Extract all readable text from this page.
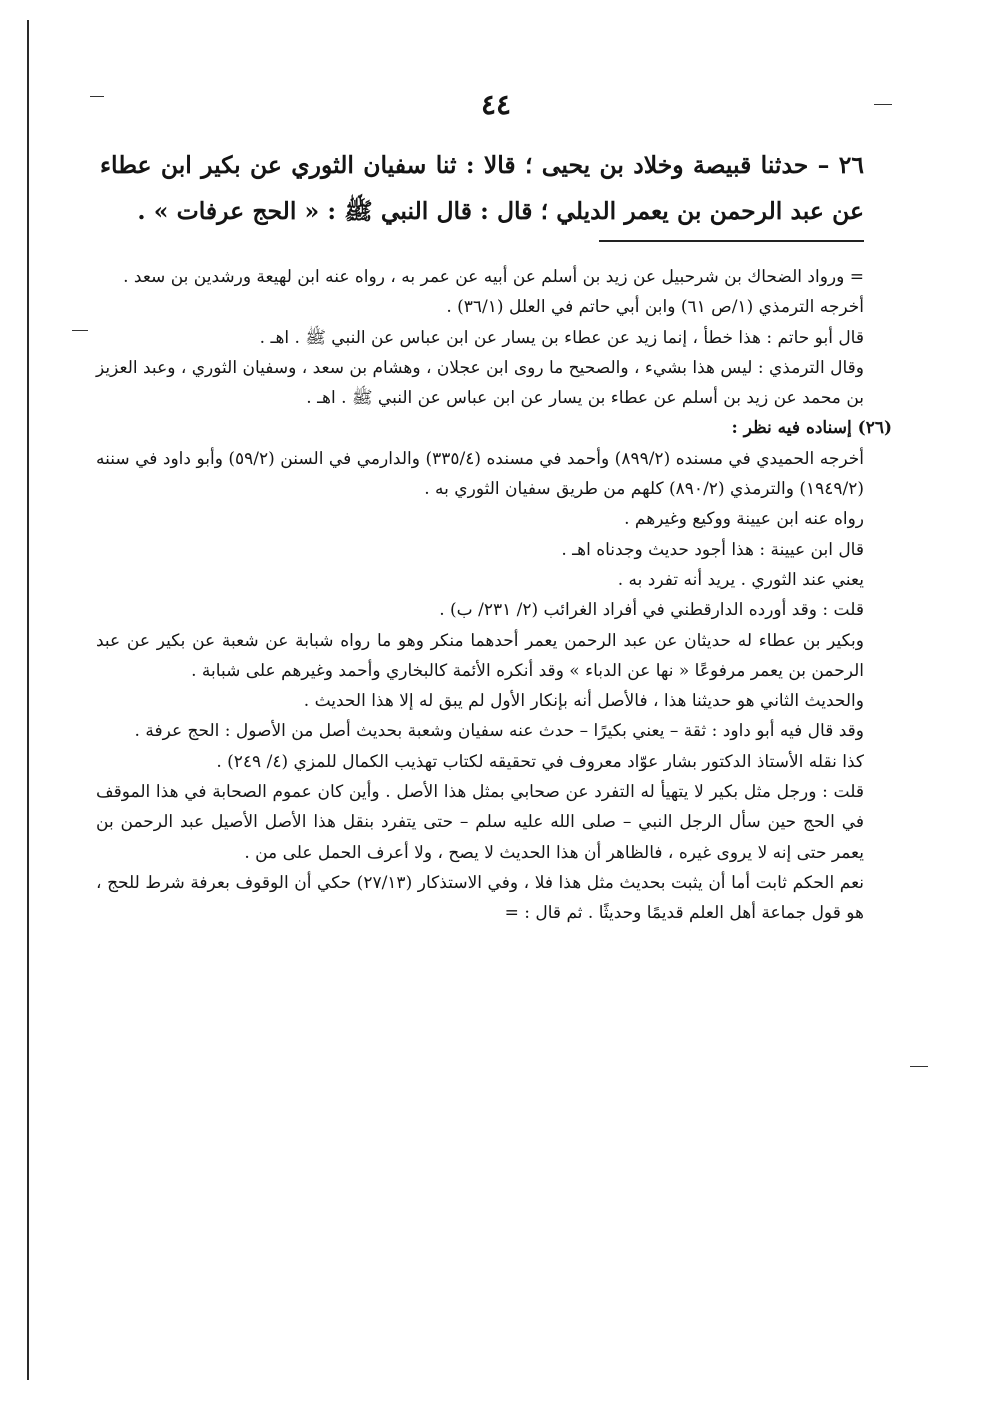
٤٤
٢٦ – حدثنا قبيصة وخلاد بن يحيى ؛ قالا : ثنا سفيان الثوري عن بكير ابن عطاء عن عبد الرحمن بن يعمر الديلي ؛ قال : قال النبي ﷺ : « الحج عرفات » .

= ورواد الضحاك بن شرحبيل عن زيد بن أسلم عن أبيه عن عمر به ، رواه عنه ابن لهيعة ورشدين بن سعد .

أخرجه الترمذي (١/ص ٦١) وابن أبي حاتم في العلل (٣٦/١) .

قال أبو حاتم : هذا خطأ ، إنما زيد عن عطاء بن يسار عن ابن عباس عن النبي ﷺ . اهـ .

وقال الترمذي : ليس هذا بشيء ، والصحيح ما روى ابن عجلان ، وهشام بن سعد ، وسفيان الثوري ، وعبد العزيز بن محمد عن زيد بن أسلم عن عطاء بن يسار عن ابن عباس عن النبي ﷺ . اهـ .

(٢٦) إسناده فيه نظر :

أخرجه الحميدي في مسنده (٨٩٩/٢) وأحمد في مسنده (٣٣٥/٤) والدارمي في السنن (٥٩/٢) وأبو داود في سننه (١٩٤٩/٢) والترمذي (٨٩٠/٢) كلهم من طريق سفيان الثوري به .

رواه عنه ابن عيينة ووكيع وغيرهم .

قال ابن عيينة : هذا أجود حديث وجدناه اهـ .

يعني عند الثوري . يريد أنه تفرد به .

قلت : وقد أورده الدارقطني في أفراد الغرائب (٢/ ٢٣١/ ب) .

وبكير بن عطاء له حديثان عن عبد الرحمن يعمر أحدهما منكر وهو ما رواه شبابة عن شعبة عن بكير عن عبد الرحمن بن يعمر مرفوعًا « نها عن الدباء » وقد أنكره الأئمة كالبخاري وأحمد وغيرهم على شبابة .

والحديث الثاني هو حديثنا هذا ، فالأصل أنه بإنكار الأول لم يبق له إلا هذا الحديث .

وقد قال فيه أبو داود : ثقة – يعني بكيرًا – حدث عنه سفيان وشعبة بحديث أصل من الأصول : الحج عرفة .

كذا نقله الأستاذ الدكتور بشار عوّاد معروف في تحقيقه لكتاب تهذيب الكمال للمزي (٤/ ٢٤٩) .

قلت : ورجل مثل بكير لا يتهيأ له التفرد عن صحابي بمثل هذا الأصل . وأين كان عموم الصحابة في هذا الموقف في الحج حين سأل الرجل النبي – صلى الله عليه سلم – حتى يتفرد بنقل هذا الأصل الأصيل عبد الرحمن بن يعمر حتى إنه لا يروى غيره ، فالظاهر أن هذا الحديث لا يصح ، ولا أعرف الحمل على من .

نعم الحكم ثابت أما أن يثبت بحديث مثل هذا فلا ، وفي الاستذكار (٢٧/١٣) حكي أن الوقوف بعرفة شرط للحج ، هو قول جماعة أهل العلم قديمًا وحديثًا . ثم قال : =
